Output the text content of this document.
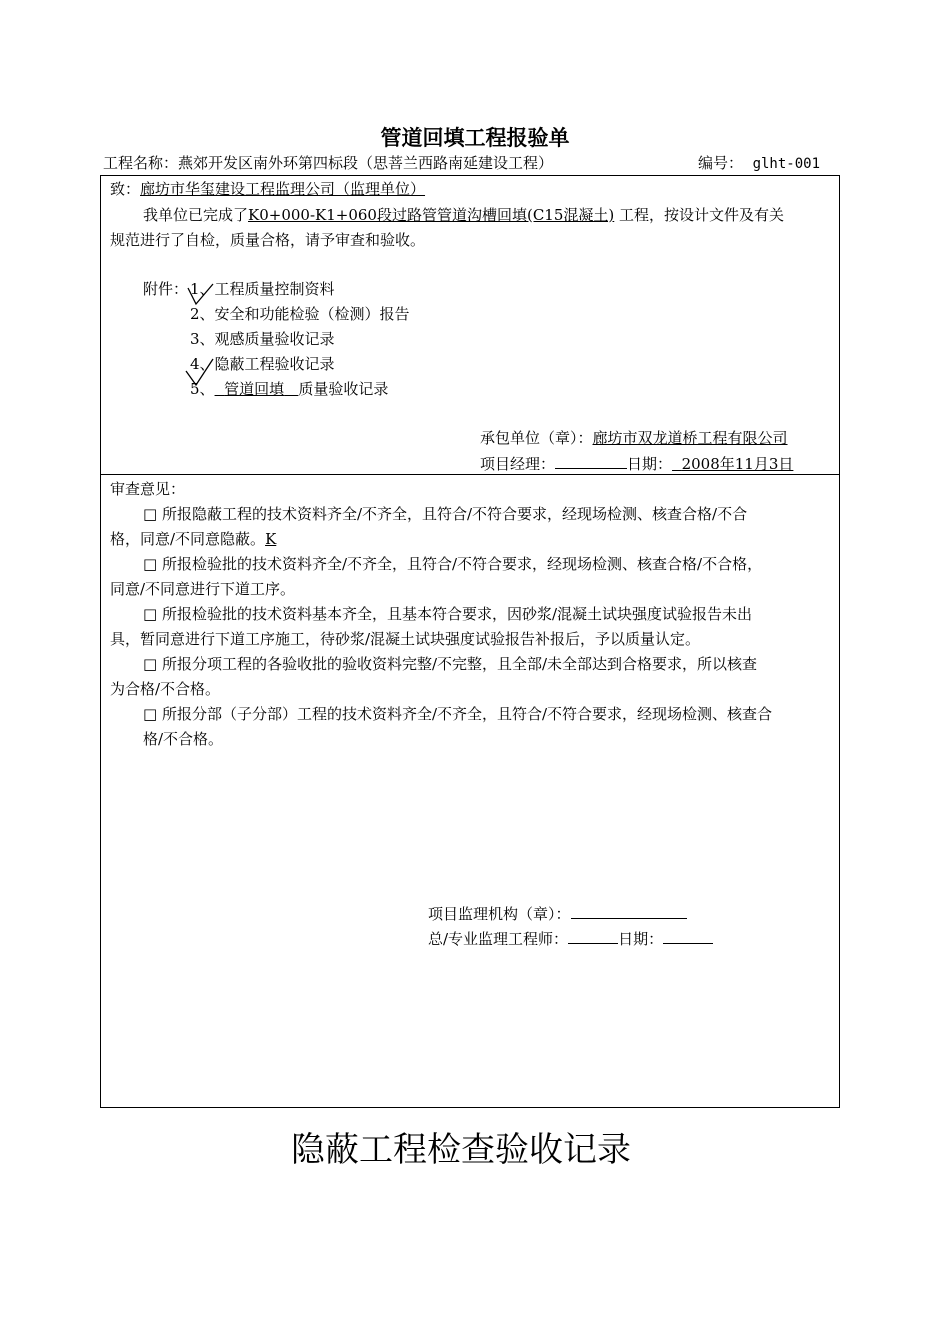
管道回填工程报验单
工程名称：燕郊开发区南外环第四标段（思菩兰西路南延建设工程）	编号： glht-001
致：廊坊市华玺建设工程监理公司（监理单位）
我单位已完成了K0+000-K1+060段过路管管道沟槽回填(C15混凝土) 工程，按设计文件及有关
规范进行了自检，质量合格，请予审查和验收。
附件： 1、工程质量控制资料
2、安全和功能检验（检测）报告
3、观感质量验收记录
4、隐蔽工程验收记录
5、 管道回填 质量验收记录
承包单位（章）：廊坊市双龙道桥工程有限公司
项目经理：	日期： 2008年11月3日
审查意见：
□ 所报隐蔽工程的技术资料齐全/不齐全，且符合/不符合要求，经现场检测、核查合格/不合
格，同意/不同意隐蔽。K
□ 所报检验批的技术资料齐全/不齐全，且符合/不符合要求，经现场检测、核查合格/不合格，
同意/不同意进行下道工序。
□ 所报检验批的技术资料基本齐全，且基本符合要求，因砂浆/混凝土试块强度试验报告未出
具，暂同意进行下道工序施工，待砂浆/混凝土试块强度试验报告补报后，予以质量认定。
□ 所报分项工程的各验收批的验收资料完整/不完整，且全部/未全部达到合格要求，所以核查
为合格/不合格。
□ 所报分部（子分部）工程的技术资料齐全/不齐全，且符合/不符合要求，经现场检测、核查合
格/不合格。
项目监理机构（章）：
总/专业监理工程师：	日期：
隐蔽工程检查验收记录
